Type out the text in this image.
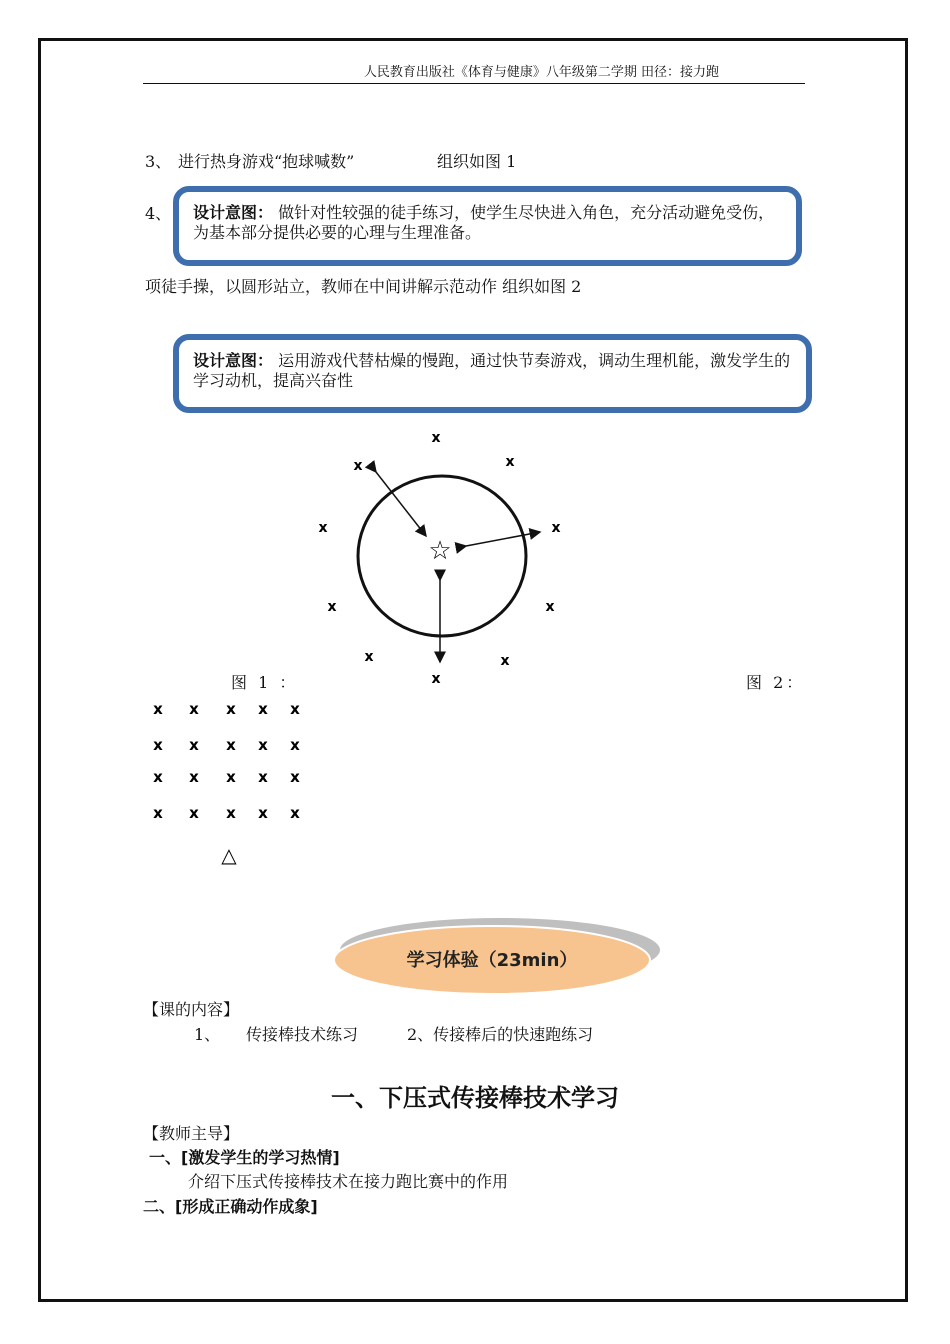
人民教育出版社《体育与健康》八年级第二学期 田径：接力跑
3、 进行热身游戏“抱球喊数”	组织如图 1
4、	设计意图： 做针对性较强的徒手练习，使学生尽快进入角色，充分活动避免受伤，为基本部分提供必要的心理与生理准备。
项徒手操，以圆形站立，教师在中间讲解示范动作 组织如图 2
设计意图： 运用游戏代替枯燥的慢跑，通过快节奏游戏，调动生理机能，激发学生的学习动机，提高兴奋性
x
x
x
x	x
x	x
x	x
x
☆
图 1 ：	图 2：
x x x x x
x x x x x
x x x x x
x x x x x
△
学习体验（23min）
【课的内容】
1、 传接棒技术练习	2、传接棒后的快速跑练习
一、下压式传接棒技术学习
【教师主导】
一、[激发学生的学习热情]
介绍下压式传接棒技术在接力跑比赛中的作用
二、[形成正确动作成象]
